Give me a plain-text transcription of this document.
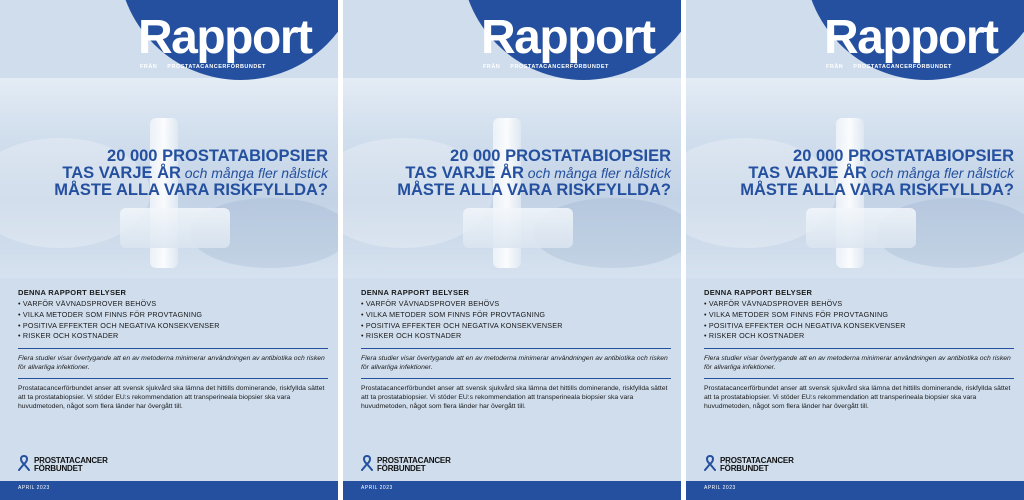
Rapport
FRÅN PROSTATACANCERFÖRBUNDET
20 000 PROSTATABIOPSIER
TAS VARJE ÅR och många fler nålstick
MÅSTE ALLA VARA RISKFYLLDA?

DENNA RAPPORT BELYSER

• VARFÖR VÄVNADSPROVER BEHÖVS
• VILKA METODER SOM FINNS FÖR PROVTAGNING
• POSITIVA EFFEKTER OCH NEGATIVA KONSEKVENSER
• RISKER OCH KOSTNADER

Flera studier visar övertygande att en av metoderna minimerar användningen av antibiotika och risken för allvarliga infektioner.

Prostatacancerförbundet anser att svensk sjukvård ska lämna det hittills dominerande, riskfyllda sättet att ta prostatabiopsier. Vi stöder EU:s rekommendation att transperineala biopsier ska vara huvudmetoden, något som flera länder har övergått till.

PROSTATACANCER
FÖRBUNDET
APRIL 2023
Rapport
FRÅN PROSTATACANCERFÖRBUNDET
20 000 PROSTATABIOPSIER
TAS VARJE ÅR och många fler nålstick
MÅSTE ALLA VARA RISKFYLLDA?

DENNA RAPPORT BELYSER

• VARFÖR VÄVNADSPROVER BEHÖVS
• VILKA METODER SOM FINNS FÖR PROVTAGNING
• POSITIVA EFFEKTER OCH NEGATIVA KONSEKVENSER
• RISKER OCH KOSTNADER

Flera studier visar övertygande att en av metoderna minimerar användningen av antibiotika och risken för allvarliga infektioner.

Prostatacancerförbundet anser att svensk sjukvård ska lämna det hittills dominerande, riskfyllda sättet att ta prostatabiopsier. Vi stöder EU:s rekommendation att transperineala biopsier ska vara huvudmetoden, något som flera länder har övergått till.

PROSTATACANCER
FÖRBUNDET
APRIL 2023
Rapport
FRÅN PROSTATACANCERFÖRBUNDET
20 000 PROSTATABIOPSIER
TAS VARJE ÅR och många fler nålstick
MÅSTE ALLA VARA RISKFYLLDA?

DENNA RAPPORT BELYSER

• VARFÖR VÄVNADSPROVER BEHÖVS
• VILKA METODER SOM FINNS FÖR PROVTAGNING
• POSITIVA EFFEKTER OCH NEGATIVA KONSEKVENSER
• RISKER OCH KOSTNADER

Flera studier visar övertygande att en av metoderna minimerar användningen av antibiotika och risken för allvarliga infektioner.

Prostatacancerförbundet anser att svensk sjukvård ska lämna det hittills dominerande, riskfyllda sättet att ta prostatabiopsier. Vi stöder EU:s rekommendation att transperineala biopsier ska vara huvudmetoden, något som flera länder har övergått till.

PROSTATACANCER
FÖRBUNDET
APRIL 2023
